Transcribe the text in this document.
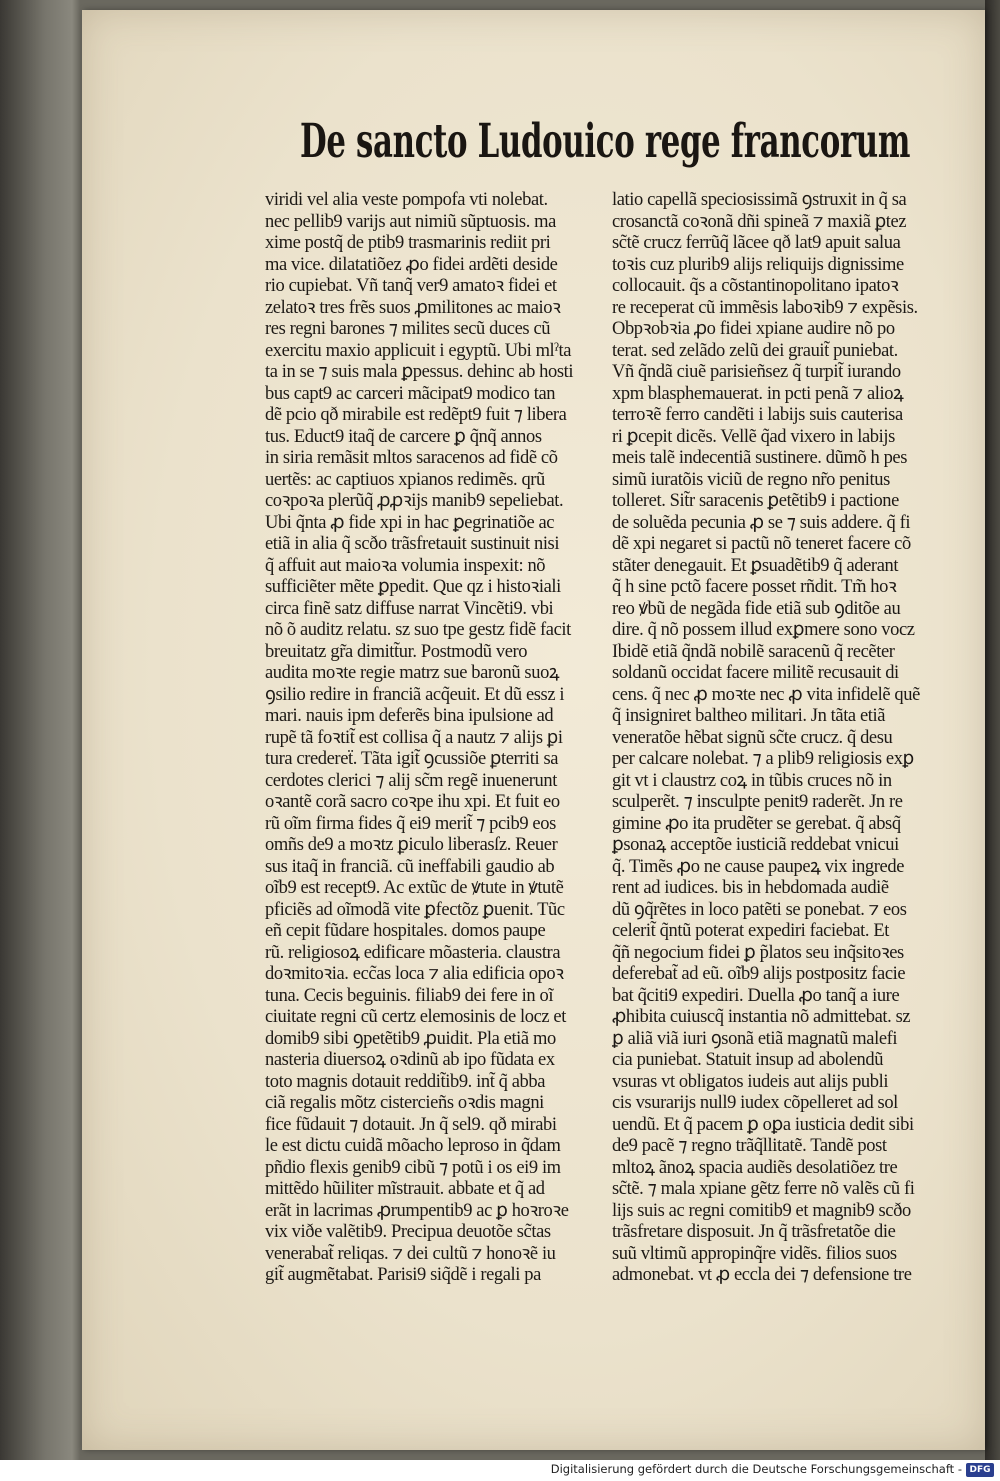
De sancto Ludouico rege francorum
viridi vel alia veste pompofa vti nolebat.
nec pellib9 varijs aut nimiũ sũptuosis. ma
xime postq̃ de ptib9 trasmarinis rediit pri
ma vice. dilatatiõez ꝓo fidei ardẽti deside
rio cupiebat. Vñ tanq̃ ver9 amatoꝛ fidei et
zelatoꝛ tres frẽs suos ꝓmilitones ac maioꝛ
res regni barones ⁊ milites secũ duces cũ
exercitu maxio applicuit i egyptũ. Ubi mlˀta
ta in se ⁊ suis mala ꝑpessus. dehinc ab hosti
bus capt9 ac carceri mãcipat9 modico tan
dẽ pcio qð mirabile est redẽpt9 fuit ⁊ libera
tus. Educt9 itaq̃ de carcere ꝑ q̃nq̃ annos
in siria remãsit mltos saracenos ad fidẽ cõ
uertẽs: ac captiuos xpianos redimẽs. qrũ
coꝛpoꝛa plerũq̃ ꝓꝓꝛijs manib9 sepeliebat.
Ubi q̃nta ꝓ fide xpi in hac ꝑegrinatiõe ac
etiã in alia q̃ scðo trãsfretauit sustinuit nisi
q̃ affuit aut maioꝛa volumia inspexit: nõ
sufficiẽter mẽte ꝑpedit. Que qz i histoꝛiali
circa finẽ satz diffuse narrat Vincẽti9. vbi
nõ õ auditz relatu. sz suo tpe gestz fidẽ facit
breuitatz gr̃a dimitt̃ur. Postmodũ vero
audita moꝛte regie matrz sue baronũ suoꝝ
ꝯsilio redire in franciã acq̃euit. Et dũ essz i
mari. nauis ipm deferẽs bina ipulsione ad
rupẽ tã foꝛtit̃ est collisa q̃ a nautz ⁊ alijs ꝑi
tura credereẗ. Tãta igit̃ ꝯcussiõe ꝑterriti sa
cerdotes clerici ⁊ alij sc̃m regẽ inuenerunt
oꝛantẽ corã sacro coꝛpe ihu xpi. Et fuit eo
rũ oĩm firma fides q̃ ei9 merit̃ ⁊ pcib9 eos
omñs de9 a moꝛtz ꝑiculo liberasſz. Reuer
sus itaq̃ in franciã. cũ ineffabili gaudio ab
oĩb9 est recept9. Ac extũc de ꝟtute in ꝟtutẽ
pficiẽs ad oĩmodã vite ꝑfectõz ꝑuenit. Tũc
eñ cepit fũdare hospitales. domos paupe
rũ. religiosoꝝ edificare mõasteria. claustra
doꝛmitoꝛia. ecc̃as loca ⁊ alia edificia opoꝛ
tuna. Cecis beguinis. filiab9 dei fere in oĩ
ciuitate regni cũ certz elemosinis de locz et
domib9 sibi ꝯpetẽtib9 ꝓuidit. Pl̃a etiã mo
nasteria diuersoꝝ oꝛdinũ ab ipo fũdata ex
toto magnis dotauit reddit̃ib9. int̃ q̃ abba
ciã regalis mõtz cistercieñs oꝛdis magni
fice fũdauit ⁊ dotauit. Jn q̃ sel9. qð mirabi
le est dictu cuidã mõacho leproso in q̃dam
pñdio flexis genib9 cibũ ⁊ potũ i os ei9 im
mittẽdo hũiliter mĩstrauit. abbate et q̃ ad
erãt in lacrimas ꝓrumpentib9 ac ꝑ hoꝛroꝛe
vix viðe valẽtib9. Precipua deuotõe sc̃tas
venerabat̃ reliqas. ⁊ dei cultũ ⁊ honoꝛẽ iu
git̃ augmẽtabat. Parisi9 siq̃dẽ i regali pa
latio capellã speciosissimã ꝯstruxit in q̃ sa
crosanctã coꝛonã dñi spineã ⁊ maxiã ꝑtez
sc̃tẽ crucz ferrũq̃ lãcee qð lat9 apuit salua
toꝛis cuz plurib9 alijs reliquijs dignissime
collocauit. q̃s a cõstantinopolitano ipatoꝛ
re receperat cũ immẽsis laboꝛib9 ⁊ expẽsis.
Obpꝛobꝛia ꝓo fidei xpiane audire nõ po
terat. sed zelãdo zelũ dei grauit̃ puniebat.
Vñ q̃ndã ciuẽ parisieñsez q̃ turpit̃ iurando
xpm blasphemauerat. in pcti penã ⁊ alioꝝ
terroꝛẽ ferro candẽti i labijs suis cauterisa
ri ꝑcepit dicẽs. Vellẽ q̃ad vixero in labijs
meis talẽ indecentiã sustinere. dũmõ h̃ pes
simũ iuratõis viciũ de regno nr̃o penitus
tolleret. Sit̃r saracenis ꝑetẽtib9 i pactione
de soluẽda pecunia ꝓ se ⁊ suis addere. q̃ fi
dẽ xpi negaret si pactũ nõ teneret facere cõ
stãter denegauit. Et ꝑsuadẽtib9 q̃ aderant
q̃ h̃ sine pctõ facere posset rñdit. Tm̃ hoꝛ
reo ꝟbũ de negãda fide etiã sub ꝯditõe au
dire. q̃ nõ possem illud exꝑmere sono vocz
Ibidẽ etiã q̃ndã nobilẽ saracenũ q̃ recẽter
soldanũ occidat facere militẽ recusauit di
cens. q̃ nec ꝓ moꝛte nec ꝓ vita infidelẽ quẽ
q̃ insigniret baltheo militari. Jn tãta etiã
veneratõe hẽbat signũ sc̃te crucz. q̃ desu
per calcare nolebat. ⁊ a pl̃ib9 religiosis exꝑ
git vt i claustrz coꝝ in tũbis cruces nõ in
sculperẽt. ⁊ insculpte penit9 raderẽt. Jn re
gimine ꝓo ita prudẽter se gerebat. q̃ absq̃
ꝑsonaꝝ acceptõe iusticiã reddebat vnicui
q̃. Timẽs ꝓo ne cause paupeꝝ vix ingrede
rent ad iudices. bis in hebdomada audiẽ
dũ ꝯq̃rẽtes in loco patẽti se ponebat. ⁊ eos
celerit̃ q̃ntũ poterat expediri faciebat. Et
q̃ñ negocium fidei ꝑ p̃latos seu inq̃sitoꝛes
deferebat̃ ad eũ. oĩb9 alijs postpositz facie
bat q̃citi9 expediri. Duella ꝓo tanq̃ a iure
ꝓhibita cuiuscq̃ instantia nõ admittebat. sz
ꝑ aliã viã iuri ꝯsonã etiã magnatũ malefi
cia puniebat. Statuit insup ad abolendũ
vsuras vt obligatos iudeis aut alijs publi
cis vsurarijs null9 iudex cõpelleret ad sol
uendũ. Et q̃ pacem ꝑ oꝑa iusticia dedit sibi
de9 pacẽ ⁊ regno trãq̃llitatẽ. Tandẽ post
mltoꝝ ãnoꝝ spacia audiẽs desolatiõez tre
sc̃tẽ. ⁊ mala xpiane gẽtz ferre nõ valẽs cũ fi
lijs suis ac regni comitib9 et magnib9 scðo
trãsfretare disposuit. Jn q̃ trãsfretatõe die
suũ vltimũ appropinq̃re vidẽs. filios suos
admonebat. vt ꝓ eccl̃a dei ⁊ defensione tre
Digitalisierung gefördert durch die Deutsche Forschungsgemeinschaft - DFG
